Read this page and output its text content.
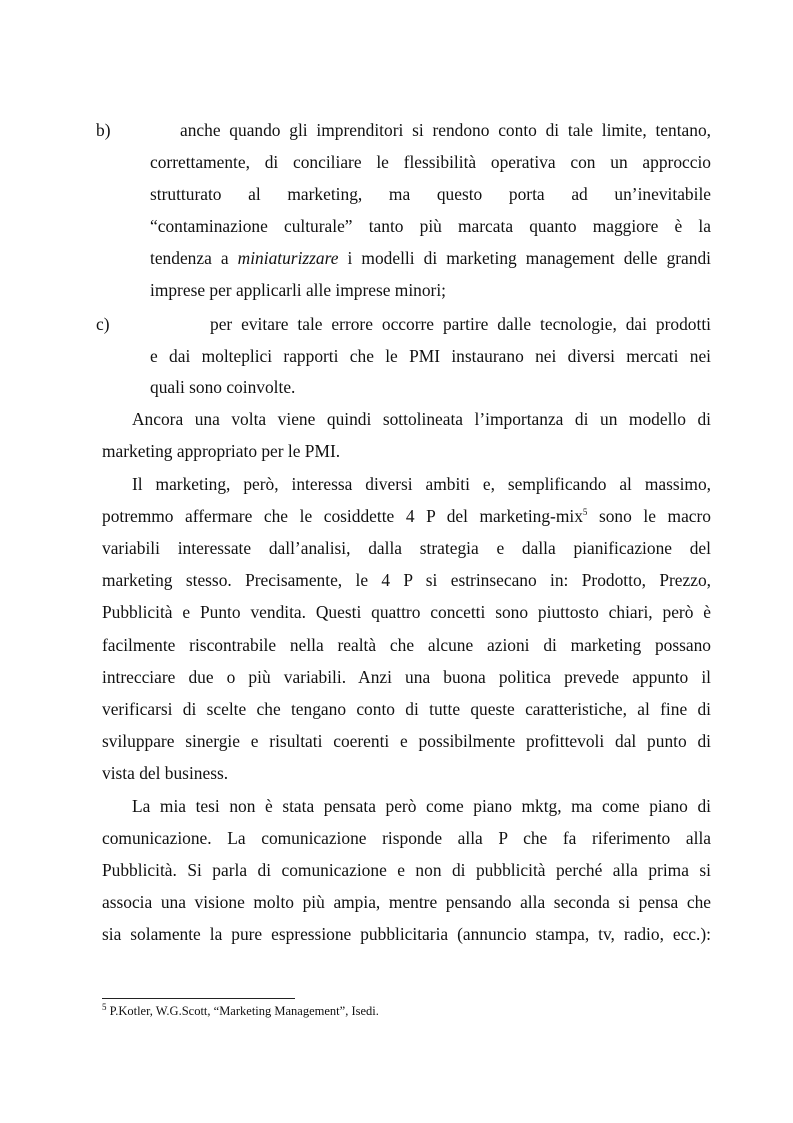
b)	anche quando gli imprenditori si rendono conto di tale limite, tentano,
correttamente, di conciliare le flessibilità operativa con un approccio
strutturato al marketing, ma questo porta ad un’inevitabile
“contaminazione culturale” tanto più marcata quanto maggiore è la
tendenza a miniaturizzare i modelli di marketing management delle grandi
imprese per applicarli alle imprese minori;
c)	per evitare tale errore occorre partire dalle tecnologie, dai prodotti
e dai molteplici rapporti che le PMI instaurano nei diversi mercati nei
quali sono coinvolte.
Ancora una volta viene quindi sottolineata l’importanza di un modello di
marketing appropriato per le PMI.
Il marketing, però, interessa diversi ambiti e, semplificando al massimo,
potremmo affermare che le cosiddette 4 P del marketing-mix$^5$ sono le macro
variabili interessate dall’analisi, dalla strategia e dalla pianificazione del
marketing stesso. Precisamente, le 4 P si estrinsecano in: Prodotto, Prezzo,
Pubblicità e Punto vendita. Questi quattro concetti sono piuttosto chiari, però è
facilmente riscontrabile nella realtà che alcune azioni di marketing possano
intrecciare due o più variabili. Anzi una buona politica prevede appunto il
verificarsi di scelte che tengano conto di tutte queste caratteristiche, al fine di
sviluppare sinergie e risultati coerenti e possibilmente profittevoli dal punto di
vista del business.
La mia tesi non è stata pensata però come piano mktg, ma come piano di
comunicazione. La comunicazione risponde alla P che fa riferimento alla
Pubblicità. Si parla di comunicazione e non di pubblicità perché alla prima si
associa una visione molto più ampia, mentre pensando alla seconda si pensa che
sia solamente la pure espressione pubblicitaria (annuncio stampa, tv, radio, ecc.):
$^5$ P.Kotler, W.G.Scott, “Marketing Management”, Isedi.
